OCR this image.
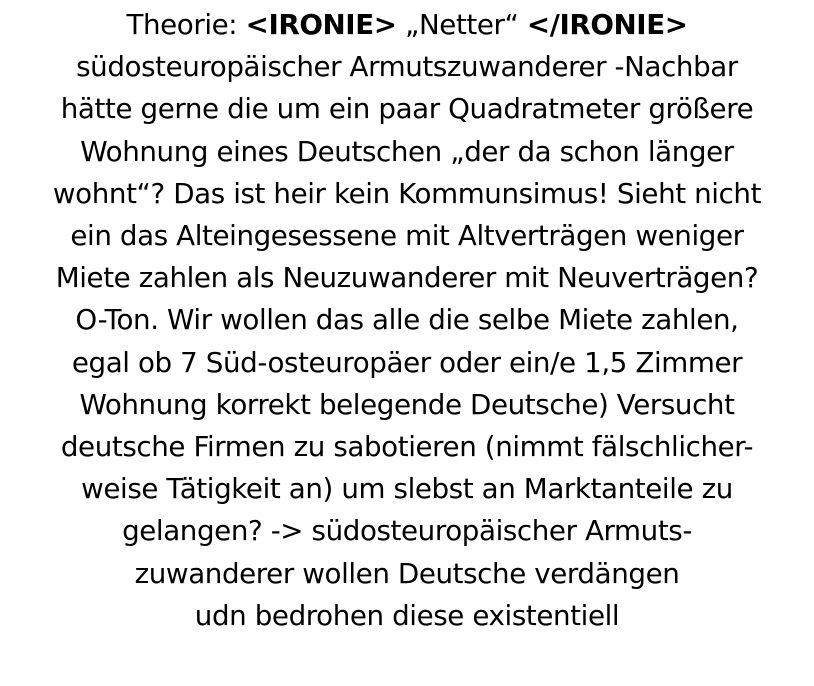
Theorie: <IRONIE> „Netter“ </IRONIE>
südosteuropäischer Armutszuwanderer -Nachbar
hätte gerne die um ein paar Quadratmeter größere
Wohnung eines Deutschen „der da schon länger
wohnt“? Das ist heir kein Kommunsimus! Sieht nicht
ein das Alteingesessene mit Altverträgen weniger
Miete zahlen als Neuzuwanderer mit Neuverträgen?
O-Ton. Wir wollen das alle die selbe Miete zahlen,
egal ob 7 Süd-osteuropäer oder ein/e 1,5 Zimmer
Wohnung korrekt belegende Deutsche) Versucht
deutsche Firmen zu sabotieren (nimmt fälschlicher-
weise Tätigkeit an) um slebst an Marktanteile zu
gelangen? -> südosteuropäischer Armuts-
zuwanderer wollen Deutsche verdängen
udn bedrohen diese existentiell
